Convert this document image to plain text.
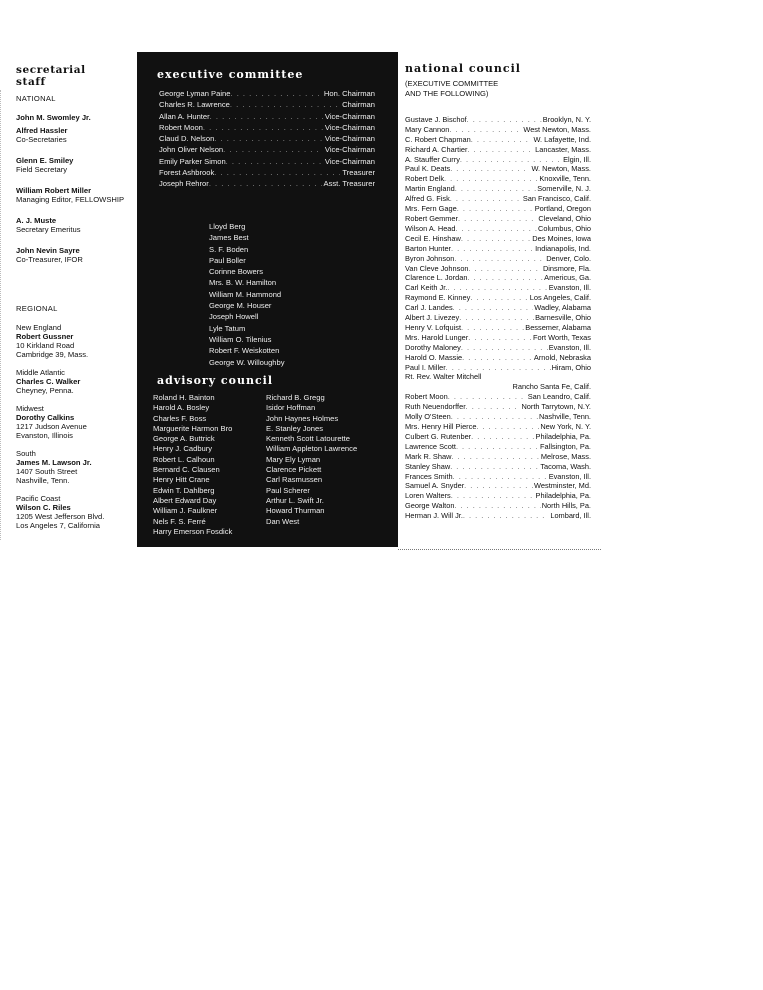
secretarial
staff
NATIONAL
John M. Swomley Jr.
Alfred Hassler
Co-Secretaries
Glenn E. Smiley
Field Secretary
William Robert Miller
Managing Editor, FELLOWSHIP
A. J. Muste
Secretary Emeritus
John Nevin Sayre
Co-Treasurer, IFOR
REGIONAL
New England
Robert Gussner
10 Kirkland Road
Cambridge 39, Mass.
Middle Atlantic
Charles C. Walker
Cheyney, Penna.
Midwest
Dorothy Calkins
1217 Judson Avenue
Evanston, Illinois
South
James M. Lawson Jr.
1407 South Street
Nashville, Tenn.
Pacific Coast
Wilson C. Riles
1205 West Jefferson Blvd.
Los Angeles 7, California
executive committee
George Lyman Paine . . .	Hon. Chairman
Charles R. Lawrence . . .	Chairman
Allan A. Hunter . . .	Vice-Chairman
Robert Moon . . .	Vice-Chairman
Claud D. Nelson . . .	Vice-Chairman
John Oliver Nelson . . .	Vice-Chairman
Emily Parker Simon . . .	Vice-Chairman
Forest Ashbrook . . .	Treasurer
Joseph Rehror . . .	Asst. Treasurer
Lloyd Berg
James Best
S. F. Boden
Paul Boller
Corinne Bowers
Mrs. B. W. Hamilton
William M. Hammond
George M. Houser
Joseph Howell
Lyle Tatum
William O. Tilenius
Robert F. Weiskotten
George W. Willoughby
advisory council
Roland H. Bainton
Harold A. Bosley
Charles F. Boss
Marguerite Harmon Bro
George A. Buttrick
Henry J. Cadbury
Robert L. Calhoun
Bernard C. Clausen
Henry Hitt Crane
Edwin T. Dahlberg
Albert Edward Day
William J. Faulkner
Nels F. S. Ferré
Harry Emerson Fosdick
Richard B. Gregg
Isidor Hoffman
John Haynes Holmes
E. Stanley Jones
Kenneth Scott Latourette
William Appleton Lawrence
Mary Ely Lyman
Clarence Pickett
Carl Rasmussen
Paul Scherer
Arthur L. Swift Jr.
Howard Thurman
Dan West
national council
(EXECUTIVE COMMITTEE
AND THE FOLLOWING)
Gustave J. Bischof . . .	Brooklyn, N. Y.
Mary Cannon . . .	West Newton, Mass.
C. Robert Chapman . . .	W. Lafayette, Ind.
Richard A. Chartier . . .	Lancaster, Mass.
A. Stauffer Curry . . .	Elgin, Ill.
Paul K. Deats . . .	W. Newton, Mass.
Robert Delk . . .	Knoxville, Tenn.
Martin England . . .	Somerville, N. J.
Alfred G. Fisk . . .	San Francisco, Calif.
Mrs. Fern Gage . . .	Portland, Oregon
Robert Gemmer . . .	Cleveland, Ohio
Wilson A. Head . . .	Columbus, Ohio
Cecil E. Hinshaw . . .	Des Moines, Iowa
Barton Hunter . . .	Indianapolis, Ind.
Byron Johnson . . .	Denver, Colo.
Van Cleve Johnson . . .	Dinsmore, Fla.
Clarence L. Jordan . . .	Americus, Ga.
Carl Keith Jr. . . .	Evanston, Ill.
Raymond E. Kinney . . .	Los Angeles, Calif.
Carl J. Landes . . .	Wadley, Alabama
Albert J. Livezey . . .	Barnesville, Ohio
Henry V. Lofquist . . .	Bessemer, Alabama
Mrs. Harold Lunger . . .	Fort Worth, Texas
Dorothy Maloney . . .	Evanston, Ill.
Harold O. Massie . . .	Arnold, Nebraska
Paul I. Miller . . .	Hiram, Ohio
Rt. Rev. Walter Mitchell
Rancho Santa Fe, Calif.
Robert Moon . . .	San Leandro, Calif.
Ruth Neuendorffer . . .	North Tarrytown, N.Y.
Molly O'Steen . . .	Nashville, Tenn.
Mrs. Henry Hill Pierce . . .	New York, N. Y.
Culbert G. Rutenber . . .	Philadelphia, Pa.
Lawrence Scott . . .	Fallsington, Pa.
Mark R. Shaw . . .	Melrose, Mass.
Stanley Shaw . . .	Tacoma, Wash.
Frances Smith . . .	Evanston, Ill.
Samuel A. Snyder . . .	Westminster, Md.
Loren Walters . . .	Philadelphia, Pa.
George Walton . . .	North Hills, Pa.
Herman J. Will Jr. . . .	Lombard, Ill.
